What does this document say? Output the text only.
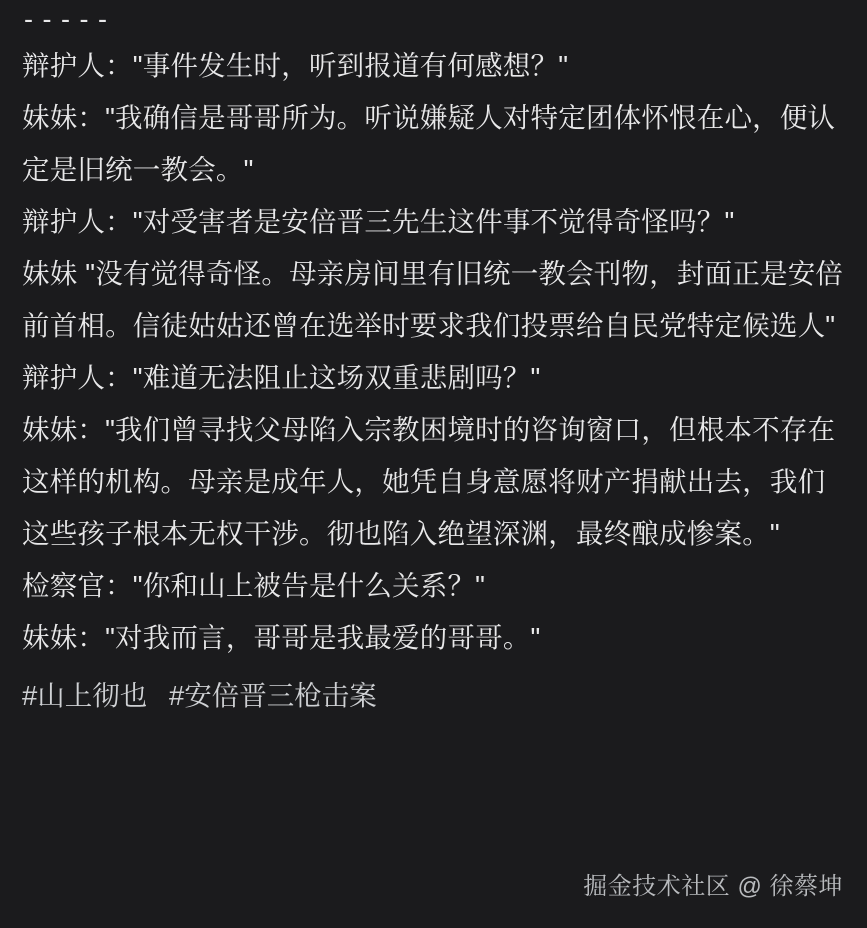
- - - - -

辩护人："事件发生时，听到报道有何感想？"

妹妹："我确信是哥哥所为。听说嫌疑人对特定团体怀恨在心，便认定是旧统一教会。"

辩护人："对受害者是安倍晋三先生这件事不觉得奇怪吗？"

妹妹 "没有觉得奇怪。母亲房间里有旧统一教会刊物，封面正是安倍前首相。信徒姑姑还曾在选举时要求我们投票给自民党特定候选人"

辩护人："难道无法阻止这场双重悲剧吗？"

妹妹："我们曾寻找父母陷入宗教困境时的咨询窗口，但根本不存在这样的机构。母亲是成年人，她凭自身意愿将财产捐献出去，我们这些孩子根本无权干涉。彻也陷入绝望深渊，最终酿成惨案。"

检察官："你和山上被告是什么关系？"

妹妹："对我而言，哥哥是我最爱的哥哥。"

#山上彻也 #安倍晋三枪击案
掘金技术社区 @ 徐蔡坤
